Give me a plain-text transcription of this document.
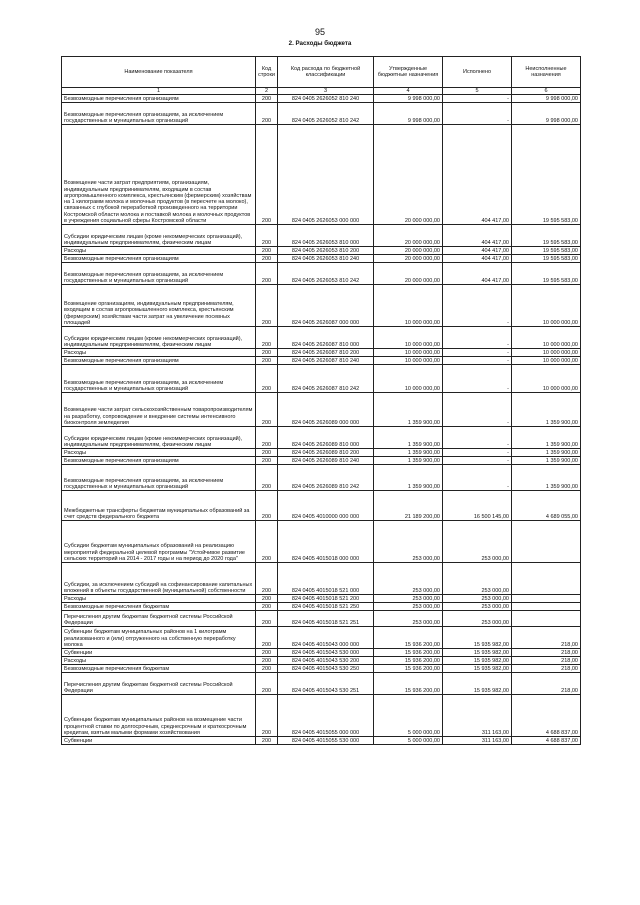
95
2. Расходы бюджета
Наименование показателя	Код строки	Код расхода по бюджетной классификации	Утвержденные бюджетные назначения	Исполнено	Неисполненные назначения
1	2	3	4	5	6
Безвозмездные перечисления организациям	200	824 0405 2626052 810 240	9 998 000,00	-	9 998 000,00
Безвозмездные перечисления организациям, за исключением государственных и муниципальных организаций	200	824 0405 2626052 810 242	9 998 000,00	-	9 998 000,00
Возмещение части затрат предприятиям, организациям, индивидуальным предпринимателям, входящим в состав агропромышленного комплекса, крестьянским (фермерским) хозяйствам на 1 килограмм молока и молочных продуктов (в пересчете на молоко), связанных с глубокой переработкой произведенного на территории Костромской области молока и поставкой молока и молочных продуктов в учреждения социальной сферы Костромской области	200	824 0405 2626053 000 000	20 000 000,00	404 417,00	19 595 583,00
Субсидии юридическим лицам (кроме некоммерческих организаций), индивидуальным предпринимателям, физическим лицам	200	824 0405 2626053 810 000	20 000 000,00	404 417,00	19 595 583,00
Расходы	200	824 0405 2626053 810 200	20 000 000,00	404 417,00	19 595 583,00
Безвозмездные перечисления организациям	200	824 0405 2626053 810 240	20 000 000,00	404 417,00	19 595 583,00
Безвозмездные перечисления организациям, за исключением государственных и муниципальных организаций	200	824 0405 2626053 810 242	20 000 000,00	404 417,00	19 595 583,00
Возмещение организациям, индивидуальным предпринимателям, входящим в состав агропромышленного комплекса, крестьянским (фермерским) хозяйствам части затрат на увеличение посевных площадей	200	824 0405 2626087 000 000	10 000 000,00	-	10 000 000,00
Субсидии юридическим лицам (кроме некоммерческих организаций), индивидуальным предпринимателям, физическим лицам	200	824 0405 2626087 810 000	10 000 000,00	-	10 000 000,00
Расходы	200	824 0405 2626087 810 200	10 000 000,00	-	10 000 000,00
Безвозмездные перечисления организациям	200	824 0405 2626087 810 240	10 000 000,00	-	10 000 000,00
Безвозмездные перечисления организациям, за исключением государственных и муниципальных организаций	200	824 0405 2626087 810 242	10 000 000,00	-	10 000 000,00
Возмещение части затрат сельскохозяйственным товаропроизводителям на разработку, сопровождение и внедрение системы интенсивного биоконтроля земледелия	200	824 0405 2626089 000 000	1 359 900,00	-	1 359 900,00
Субсидии юридическим лицам (кроме некоммерческих организаций), индивидуальным предпринимателям, физическим лицам	200	824 0405 2626089 810 000	1 359 900,00	-	1 359 900,00
Расходы	200	824 0405 2626089 810 200	1 359 900,00	-	1 359 900,00
Безвозмездные перечисления организациям	200	824 0405 2626089 810 240	1 359 900,00	-	1 359 900,00
Безвозмездные перечисления организациям, за исключением государственных и муниципальных организаций	200	824 0405 2626089 810 242	1 359 900,00	-	1 359 900,00
Межбюджетные трансферты бюджетам муниципальных образований за счет средств федерального бюджета	200	824 0405 4010000 000 000	21 189 200,00	16 500 145,00	4 689 055,00
Субсидии бюджетам муниципальных образований на реализацию мероприятий федеральной целевой программы "Устойчивое развитие сельских территорий на 2014 - 2017 годы и на период до 2020 года"	200	824 0405 4015018 000 000	253 000,00	253 000,00	
Субсидии, за исключением субсидий на софинансирование капитальных вложений в объекты государственной (муниципальной) собственности	200	824 0405 4015018 521 000	253 000,00	253 000,00	
Расходы	200	824 0405 4015018 521 200	253 000,00	253 000,00	
Безвозмездные перечисления бюджетам	200	824 0405 4015018 521 250	253 000,00	253 000,00	
Перечисления другим бюджетам бюджетной системы Российской Федерации	200	824 0405 4015018 521 251	253 000,00	253 000,00	
Субвенции бюджетам муниципальных районов на 1 килограмм реализованного и (или) отгруженного на собственную переработку молока	200	824 0405 4015043 000 000	15 936 200,00	15 935 982,00	218,00
Субвенции	200	824 0405 4015043 530 000	15 936 200,00	15 935 982,00	218,00
Расходы	200	824 0405 4015043 530 200	15 936 200,00	15 935 982,00	218,00
Безвозмездные перечисления бюджетам	200	824 0405 4015043 530 250	15 936 200,00	15 935 982,00	218,00
Перечисления другим бюджетам бюджетной системы Российской Федерации	200	824 0405 4015043 530 251	15 936 200,00	15 935 982,00	218,00
Субвенции бюджетам муниципальных районов на возмещение части процентной ставки по долгосрочным, среднесрочным и краткосрочным кредитам, взятым малыми формами хозяйствования	200	824 0405 4015055 000 000	5 000 000,00	311 163,00	4 688 837,00
Субвенции	200	824 0405 4015055 530 000	5 000 000,00	311 163,00	4 688 837,00
